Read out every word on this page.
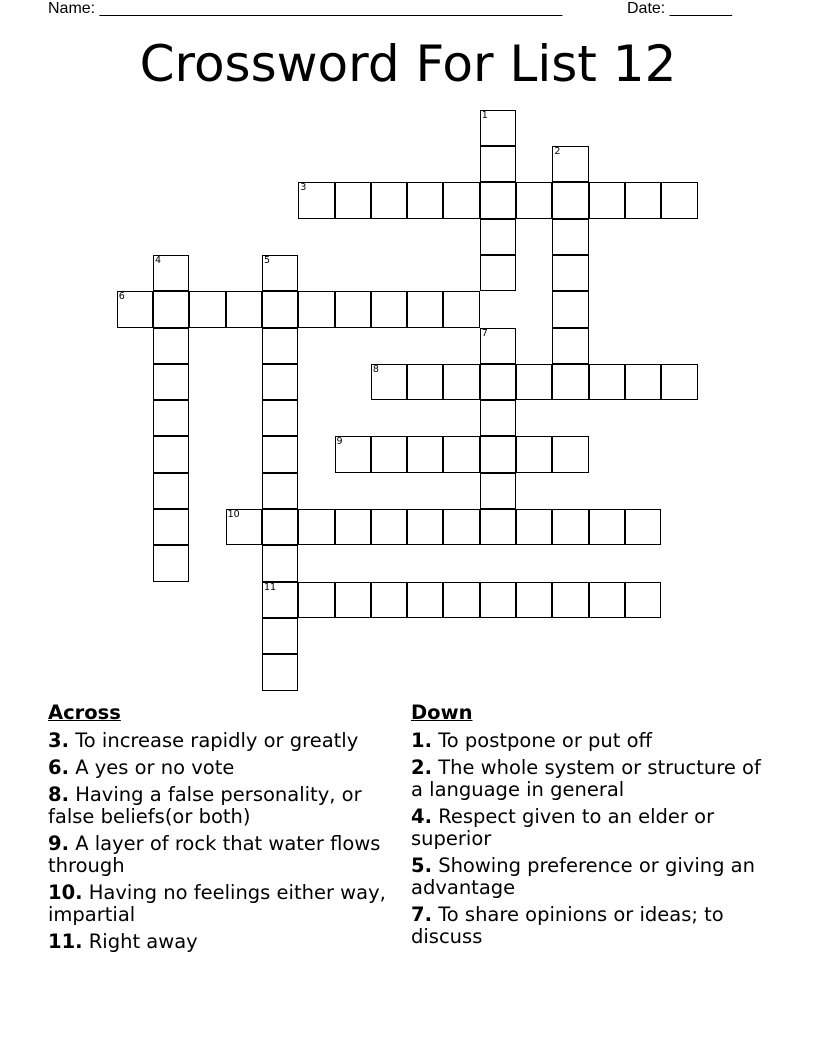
Name: ____________________________________________________	Date: _______
Crossword For List 12
1
2
3
4	5
6
7
8
9
10
11
Across
3. To increase rapidly or greatly
6. A yes or no vote
8. Having a false personality, or false beliefs(or both)
9. A layer of rock that water flows through
10. Having no feelings either way, impartial
11. Right away
Down
1. To postpone or put off
2. The whole system or structure of a language in general
4. Respect given to an elder or superior
5. Showing preference or giving an advantage
7. To share opinions or ideas; to discuss
